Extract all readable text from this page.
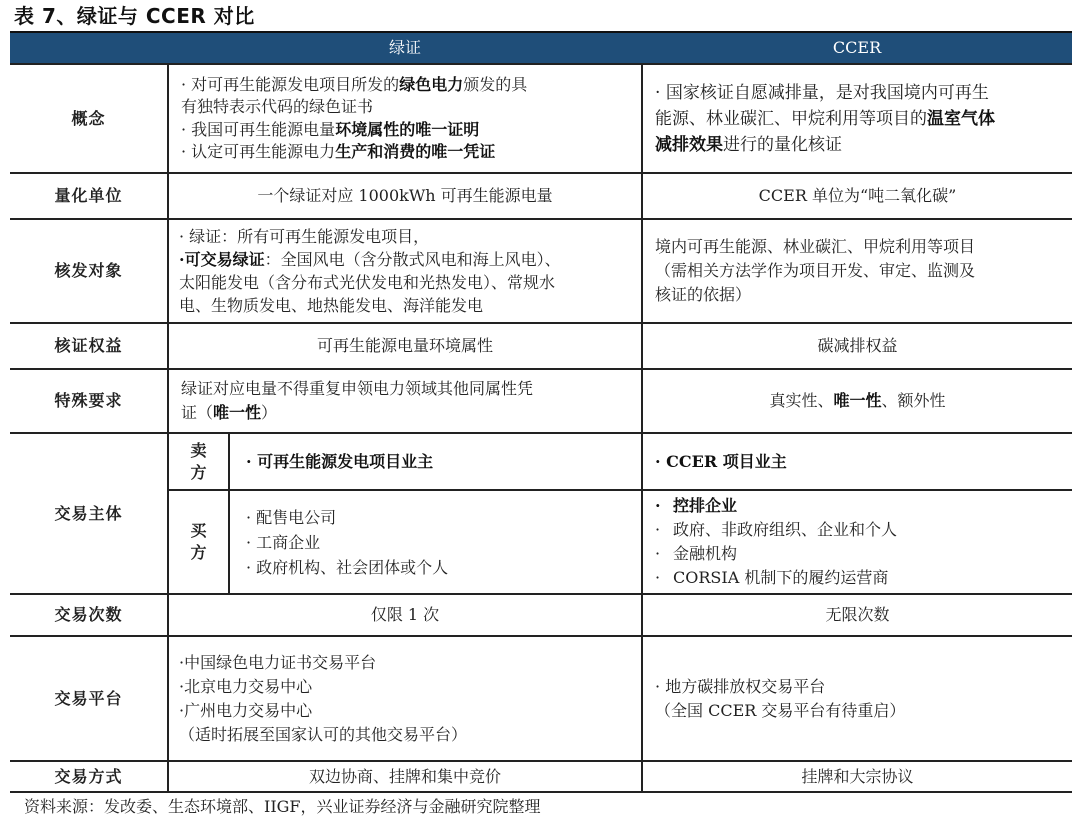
表 7、绿证与 CCER 对比
	绿证		CCER
概念	· 对可再生能源发电项目所发的绿色电力颁发的具
有独特表示代码的绿色证书
· 我国可再生能源电量环境属性的唯一证明
· 认定可再生能源电力生产和消费的唯一凭证		· 国家核证自愿减排量，是对我国境内可再生
能源、林业碳汇、甲烷利用等项目的温室气体
减排效果进行的量化核证

量化单位	一个绿证对应 1000kWh 可再生能源电量		CCER 单位为“吨二氧化碳”
核发对象	· 绿证：所有可再生能源发电项目，
·可交易绿证：全国风电（含分散式风电和海上风电）、
太阳能发电（含分布式光伏发电和光热发电）、常规水
电、生物质发电、地热能发电、海洋能发电		境内可再生能源、林业碳汇、甲烷利用等项目
（需相关方法学作为项目开发、审定、监测及
核证的依据）

核证权益	可再生能源电量环境属性		碳减排权益
特殊要求	绿证对应电量不得重复申领电力领域其他同属性凭
证（唯一性）		真实性、唯一性、额外性
交易主体	卖方	· 可再生能源发电项目业主	· CCER 项目业主

	买方	· 配售电公司
· 工商企业
· 政府机构、社会团体或个人	· 控排企业
· 政府、非政府组织、企业和个人
· 金融机构
· CORSIA 机制下的履约运营商

交易次数	仅限 1 次		无限次数
交易平台	·中国绿色电力证书交易平台
·北京电力交易中心
·广州电力交易中心
（适时拓展至国家认可的其他交易平台）		· 地方碳排放权交易平台
（全国 CCER 交易平台有待重启）

交易方式	双边协商、挂牌和集中竞价		挂牌和大宗协议
资料来源：发改委、生态环境部、IIGF，兴业证券经济与金融研究院整理
